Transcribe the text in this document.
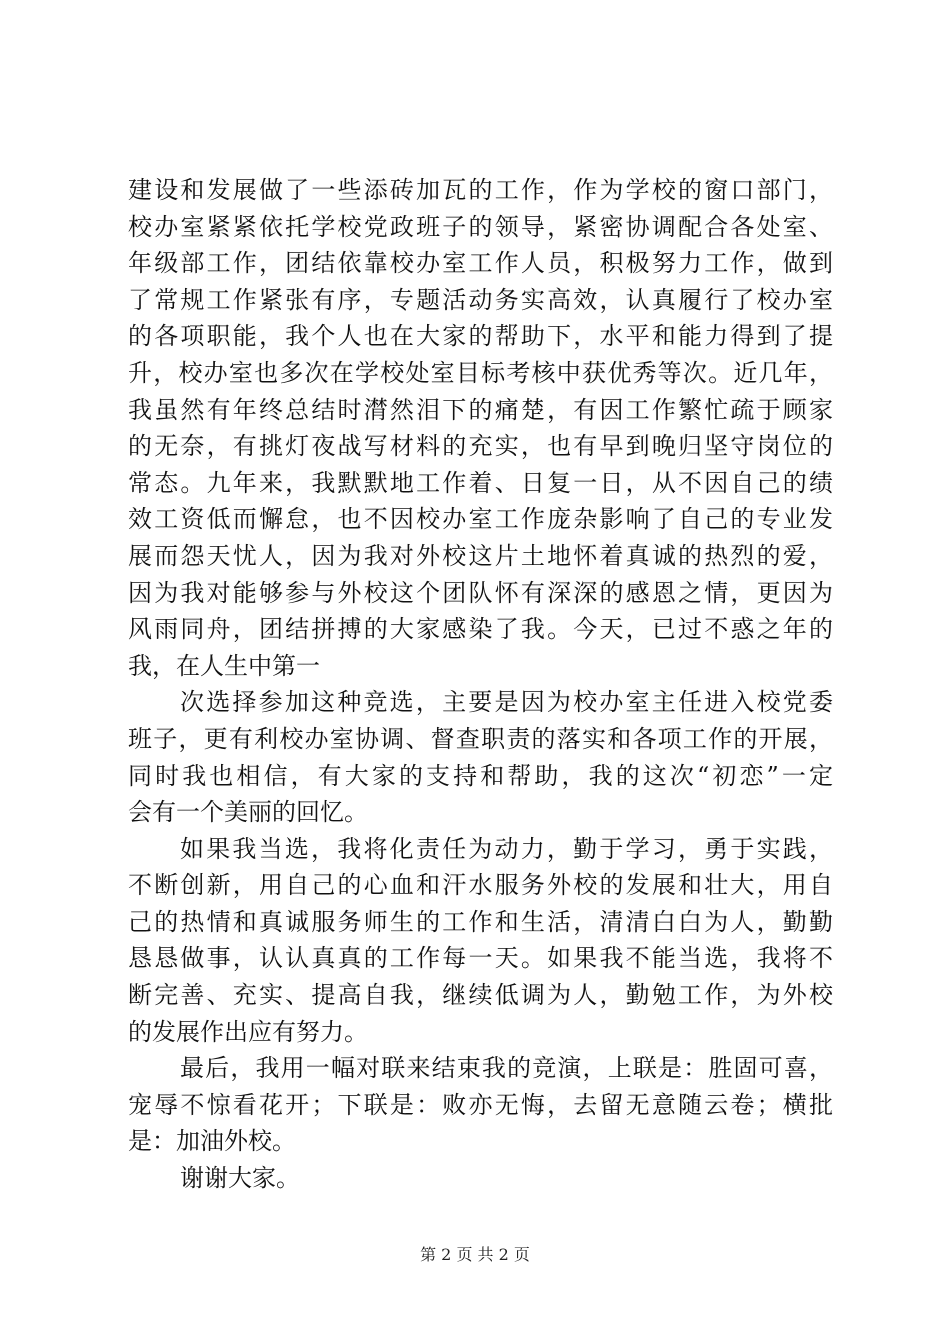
建设和发展做了一些添砖加瓦的工作，作为学校的窗口部门，
校办室紧紧依托学校党政班子的领导，紧密协调配合各处室、
年级部工作，团结依靠校办室工作人员，积极努力工作，做到
了常规工作紧张有序，专题活动务实高效，认真履行了校办室
的各项职能，我个人也在大家的帮助下，水平和能力得到了提
升，校办室也多次在学校处室目标考核中获优秀等次。近几年，
我虽然有年终总结时潸然泪下的痛楚，有因工作繁忙疏于顾家
的无奈，有挑灯夜战写材料的充实，也有早到晚归坚守岗位的
常态。九年来，我默默地工作着、日复一日，从不因自己的绩
效工资低而懈怠，也不因校办室工作庞杂影响了自己的专业发
展而怨天忧人，因为我对外校这片土地怀着真诚的热烈的爱，
因为我对能够参与外校这个团队怀有深深的感恩之情，更因为
风雨同舟，团结拼搏的大家感染了我。今天，已过不惑之年的
我，在人生中第一
次选择参加这种竞选，主要是因为校办室主任进入校党委
班子，更有利校办室协调、督查职责的落实和各项工作的开展，
同时我也相信，有大家的支持和帮助，我的这次“初恋”一定
会有一个美丽的回忆。
如果我当选，我将化责任为动力，勤于学习，勇于实践，
不断创新，用自己的心血和汗水服务外校的发展和壮大，用自
己的热情和真诚服务师生的工作和生活，清清白白为人，勤勤
恳恳做事，认认真真的工作每一天。如果我不能当选，我将不
断完善、充实、提高自我，继续低调为人，勤勉工作，为外校
的发展作出应有努力。
最后，我用一幅对联来结束我的竞演，上联是：胜固可喜，
宠辱不惊看花开；下联是：败亦无悔，去留无意随云卷；横批
是：加油外校。
谢谢大家。
第 2 页 共 2 页
